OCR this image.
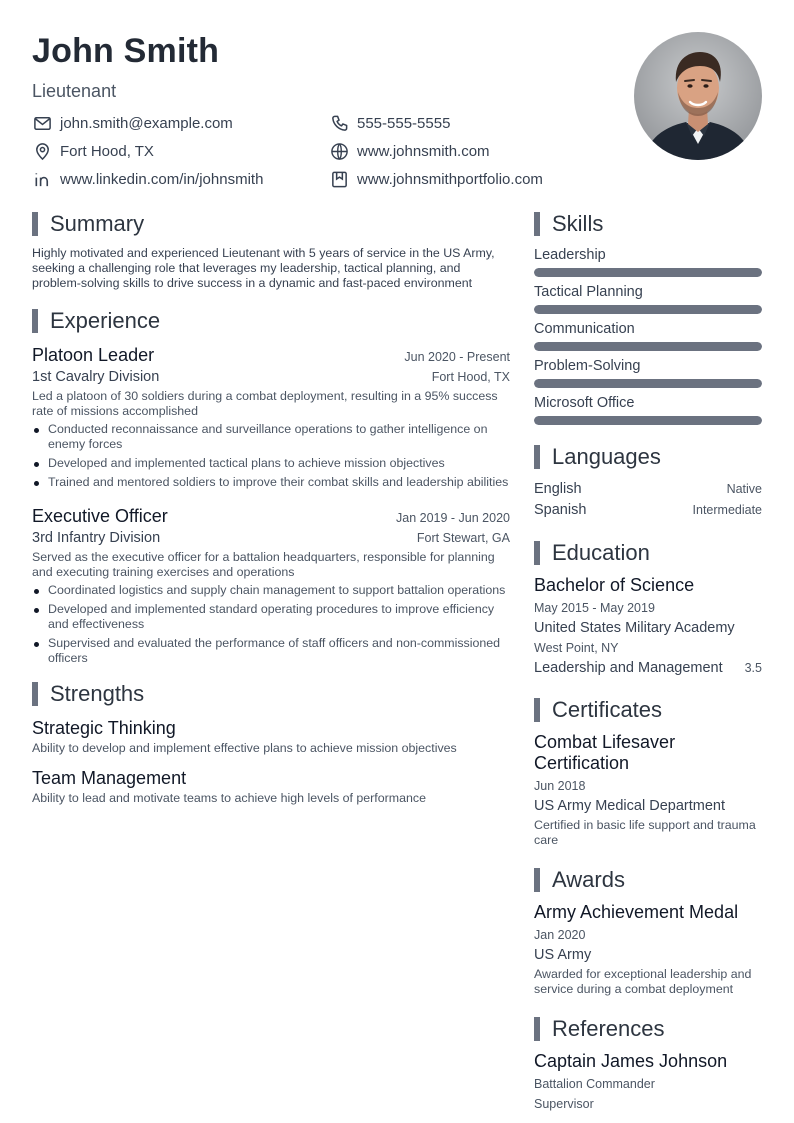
John Smith
Lieutenant
john.smith@example.com	555-555-5555
Fort Hood, TX	www.johnsmith.com
www.linkedin.com/in/johnsmith	www.johnsmithportfolio.com
Summary
Highly motivated and experienced Lieutenant with 5 years of service in the US Army, seeking a challenging role that leverages my leadership, tactical planning, and problem-solving skills to drive success in a dynamic and fast-paced environment
Experience
Platoon Leader	Jun 2020 - Present
1st Cavalry Division	Fort Hood, TX
Led a platoon of 30 soldiers during a combat deployment, resulting in a 95% success rate of missions accomplished
Conducted reconnaissance and surveillance operations to gather intelligence on enemy forces
Developed and implemented tactical plans to achieve mission objectives
Trained and mentored soldiers to improve their combat skills and leadership abilities
Executive Officer	Jan 2019 - Jun 2020
3rd Infantry Division	Fort Stewart, GA
Served as the executive officer for a battalion headquarters, responsible for planning and executing training exercises and operations
Coordinated logistics and supply chain management to support battalion operations
Developed and implemented standard operating procedures to improve efficiency and effectiveness
Supervised and evaluated the performance of staff officers and non-commissioned officers
Strengths
Strategic Thinking
Ability to develop and implement effective plans to achieve mission objectives
Team Management
Ability to lead and motivate teams to achieve high levels of performance
Skills
Leadership
Tactical Planning
Communication
Problem-Solving
Microsoft Office
Languages
English	Native
Spanish	Intermediate
Education
Bachelor of Science
May 2015 - May 2019
United States Military Academy
West Point, NY
Leadership and Management 3.5
Certificates
Combat Lifesaver Certification
Jun 2018
US Army Medical Department
Certified in basic life support and trauma care
Awards
Army Achievement Medal
Jan 2020
US Army
Awarded for exceptional leadership and service during a combat deployment
References
Captain James Johnson
Battalion Commander
Supervisor
